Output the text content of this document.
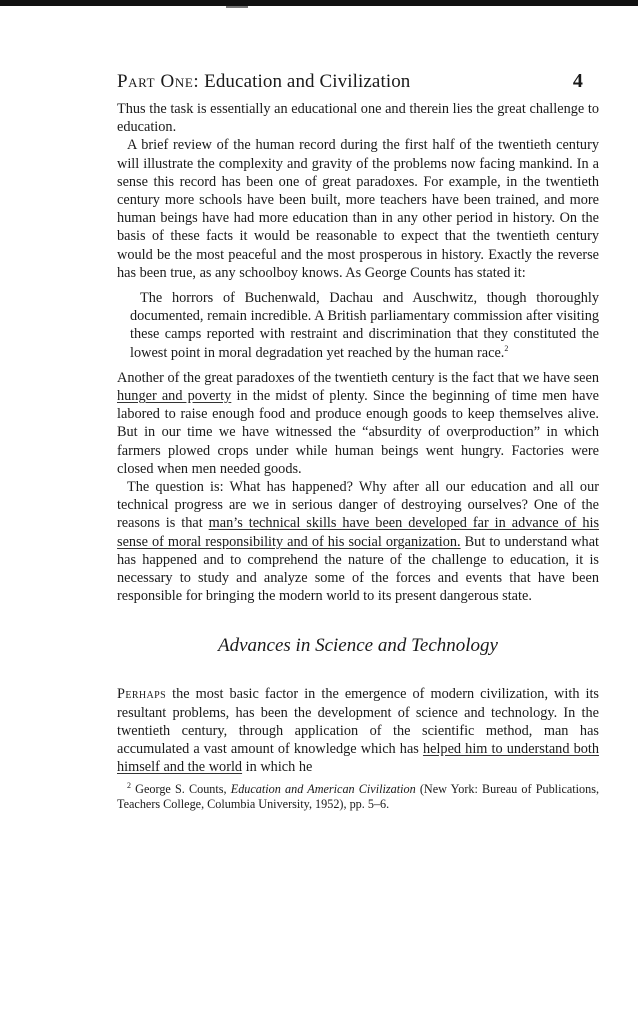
Part One: Education and Civilization	4

Thus the task is essentially an educational one and therein lies the great challenge to education.

A brief review of the human record during the first half of the twentieth century will illustrate the complexity and gravity of the problems now facing mankind. In a sense this record has been one of great paradoxes. For example, in the twentieth century more schools have been built, more teachers have been trained, and more human beings have had more education than in any other period in history. On the basis of these facts it would be reasonable to expect that the twentieth century would be the most peaceful and the most prosperous in history. Exactly the reverse has been true, as any schoolboy knows. As George Counts has stated it:

The horrors of Buchenwald, Dachau and Auschwitz, though thoroughly documented, remain incredible. A British parliamentary commission after visiting these camps reported with restraint and discrimination that they constituted the lowest point in moral degradation yet reached by the human race.$^2$

Another of the great paradoxes of the twentieth century is the fact that we have seen hunger and poverty in the midst of plenty. Since the beginning of time men have labored to raise enough food and produce enough goods to keep themselves alive. But in our time we have witnessed the “absurdity of overproduction” in which farmers plowed crops under while human beings went hungry. Factories were closed when men needed goods.

The question is: What has happened? Why after all our education and all our technical progress are we in serious danger of destroying ourselves? One of the reasons is that man’s technical skills have been developed far in advance of his sense of moral responsibility and of his social organization. But to understand what has happened and to comprehend the nature of the challenge to education, it is necessary to study and analyze some of the forces and events that have been responsible for bringing the modern world to its present dangerous state.

Advances in Science and Technology

Perhaps the most basic factor in the emergence of modern civilization, with its resultant problems, has been the development of science and technology. In the twentieth century, through application of the scientific method, man has accumulated a vast amount of knowledge which has helped him to understand both himself and the world in which he

$^2$ George S. Counts, Education and American Civilization (New York: Bureau of Publications, Teachers College, Columbia University, 1952), pp. 5–6.
